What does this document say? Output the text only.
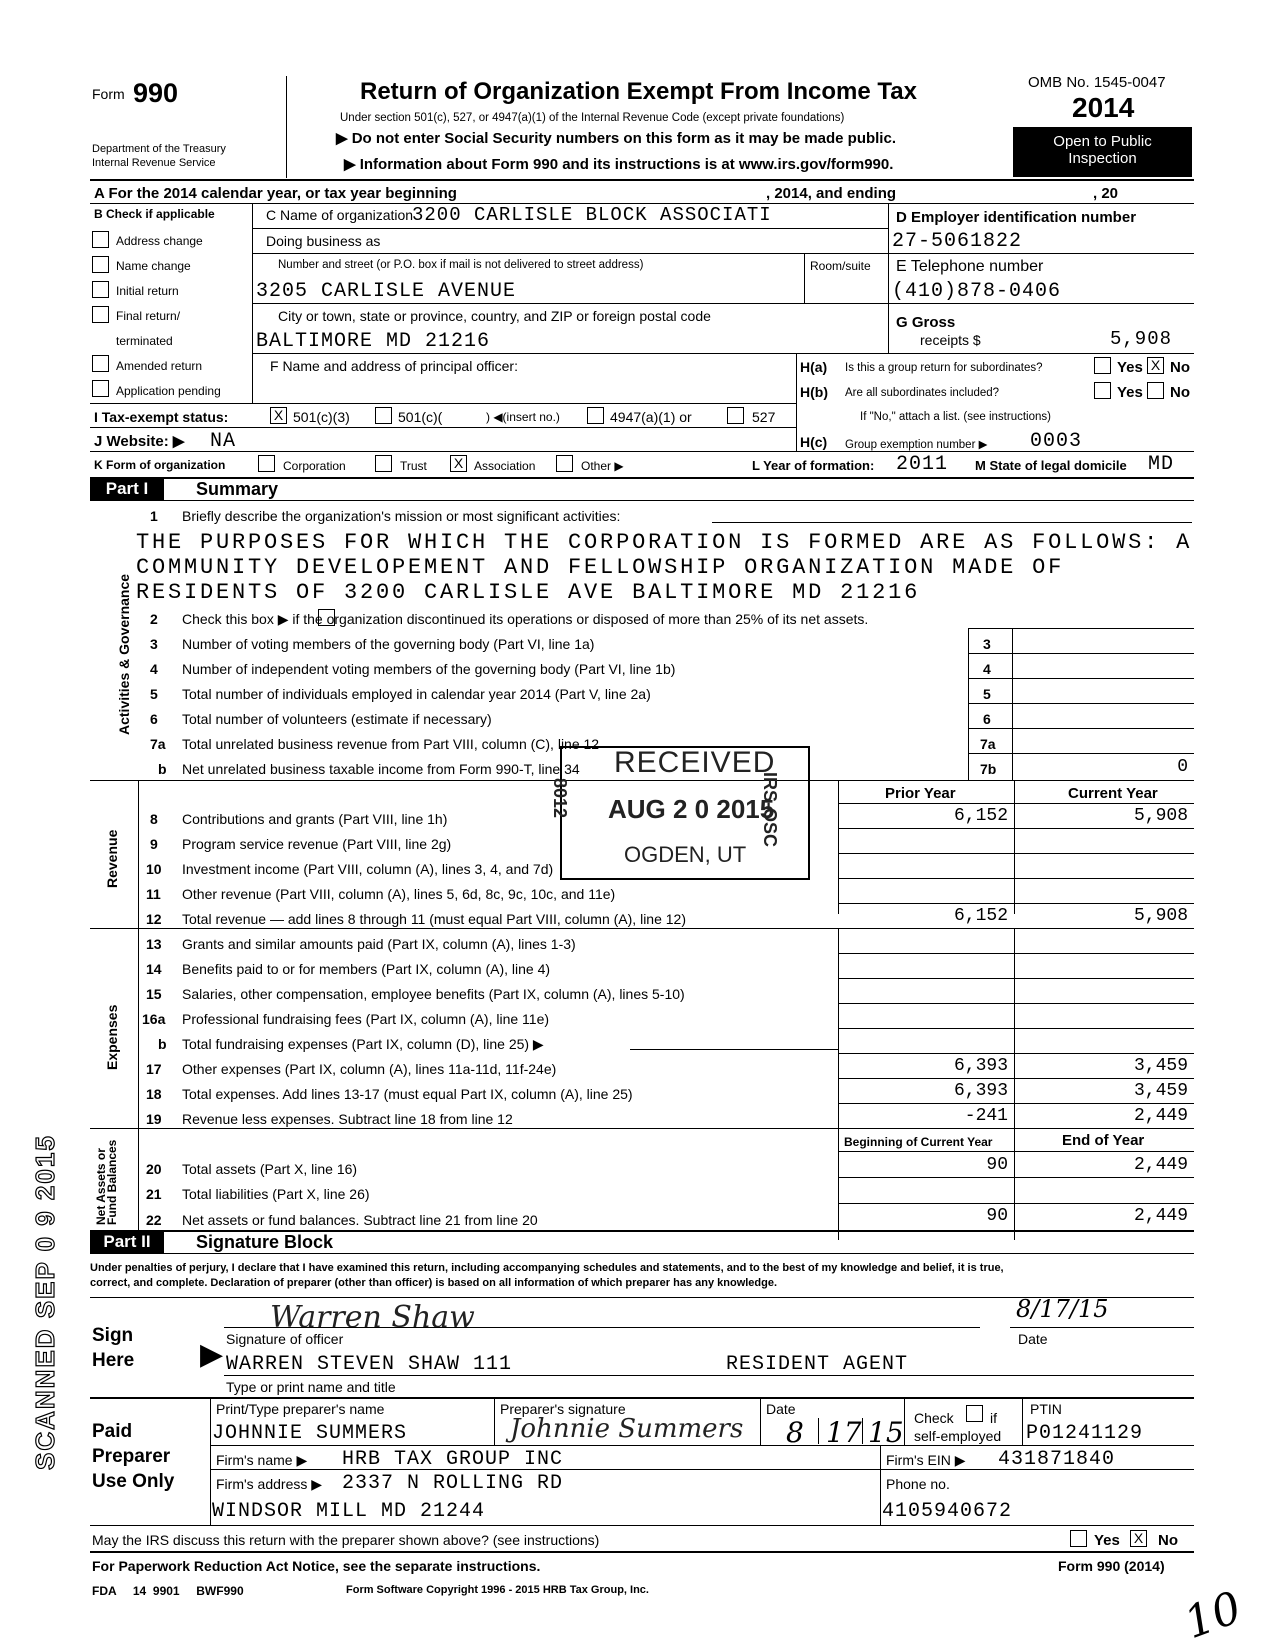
Form 990
Department of the Treasury
Internal Revenue Service
Return of Organization Exempt From Income Tax
Under section 501(c), 527, or 4947(a)(1) of the Internal Revenue Code (except private foundations)
▶ Do not enter Social Security numbers on this form as it may be made public.
▶ Information about Form 990 and its instructions is at www.irs.gov/form990.
OMB No. 1545-0047
2014
Open to Public
Inspection
A For the 2014 calendar year, or tax year beginning	, 2014, and ending	, 20
B Check if applicable
Address change
Name change
Initial return
Final return/
terminated
Amended return
Application pending
C Name of organization
3200 CARLISLE BLOCK ASSOCIATI
Doing business as
Number and street (or P.O. box if mail is not delivered to street address)	Room/suite
3205 CARLISLE AVENUE
City or town, state or province, country, and ZIP or foreign postal code
BALTIMORE MD 21216
F Name and address of principal officer:
D Employer identification number
27-5061822
E Telephone number
(410)878-0406
G Gross
receipts $	5,908
H(a) Is this a group return for subordinates?	Yes X No
H(b) Are all subordinates included?	Yes No
If "No," attach a list. (see instructions)
I Tax-exempt status:	X 501(c)(3)	501(c)(	) ◀(insert no.)	4947(a)(1) or	527
J Website: ▶ NA	H(c) Group exemption number ▶ 0003
K Form of organization	Corporation	Trust X Association	Other ▶	L Year of formation: 2011 M State of legal domicile MD
Part I	Summary
Activities & Governance
1 Briefly describe the organization's mission or most significant activities:
THE PURPOSES FOR WHICH THE CORPORATION IS FORMED ARE AS FOLLOWS: A
COMMUNITY DEVELOPEMENT AND FELLOWSHIP ORGANIZATION MADE OF
RESIDENTS OF 3200 CARLISLE AVE BALTIMORE MD 21216
2 Check this box ▶ if the organization discontinued its operations or disposed of more than 25% of its net assets.
3 Number of voting members of the governing body (Part VI, line 1a)	3
4 Number of independent voting members of the governing body (Part VI, line 1b)	4
5 Total number of individuals employed in calendar year 2014 (Part V, line 2a)	5
6 Total number of volunteers (estimate if necessary)	6
7a Total unrelated business revenue from Part VIII, column (C), line 12	7a
b Net unrelated business taxable income from Form 990-T, line 34	7b	0
Revenue
Prior Year	Current Year
8 Contributions and grants (Part VIII, line 1h)	6,152	5,908
9 Program service revenue (Part VIII, line 2g)
10 Investment income (Part VIII, column (A), lines 3, 4, and 7d)
11 Other revenue (Part VIII, column (A), lines 5, 6d, 8c, 9c, 10c, and 11e)
12 Total revenue — add lines 8 through 11 (must equal Part VIII, column (A), line 12)	6,152	5,908
Expenses
13 Grants and similar amounts paid (Part IX, column (A), lines 1-3)
14 Benefits paid to or for members (Part IX, column (A), line 4)
15 Salaries, other compensation, employee benefits (Part IX, column (A), lines 5-10)
16a Professional fundraising fees (Part IX, column (A), line 11e)
b Total fundraising expenses (Part IX, column (D), line 25) ▶
17 Other expenses (Part IX, column (A), lines 11a-11d, 11f-24e)	6,393	3,459
18 Total expenses. Add lines 13-17 (must equal Part IX, column (A), line 25)	6,393	3,459
19 Revenue less expenses. Subtract line 18 from line 12	-241	2,449
Net Assets or Fund Balances	Beginning of Current Year	End of Year
20 Total assets (Part X, line 16)	90	2,449
21 Total liabilities (Part X, line 26)
22 Net assets or fund balances. Subtract line 21 from line 20	90	2,449
Part II	Signature Block
Under penalties of perjury, I declare that I have examined this return, including accompanying schedules and statements, and to the best of my knowledge and belief, it is true,
correct, and complete. Declaration of preparer (other than officer) is based on all information of which preparer has any knowledge.
Sign
Here ▶
Warren Shaw	8/17/15
Signature of officer	Date
WARREN STEVEN SHAW 111	RESIDENT AGENT
Type or print name and title
Paid
Preparer
Use Only
Print/Type preparer's name
JOHNNIE SUMMERS
Preparer's signature
Johnnie Summers
Date
8 17 15 Check	if
self-employed
PTIN
P01241129
Firm's name ▶ HRB TAX GROUP INC	Firm's EIN ▶ 431871840
Firm's address ▶ 2337 N ROLLING RD	Phone no.
WINDSOR MILL MD 21244	4105940672
May the IRS discuss this return with the preparer shown above? (see instructions)	Yes X No
For Paperwork Reduction Act Notice, see the separate instructions.	Form 990 (2014)
FDA     14  9901     BWF990	Form Software Copyright 1996 - 2015 HRB Tax Group, Inc.
RECEIVED
AUG 2 0 2015
8012	IRS-OSC
OGDEN, UT
SCANNED SEP 0 9 2015
10
